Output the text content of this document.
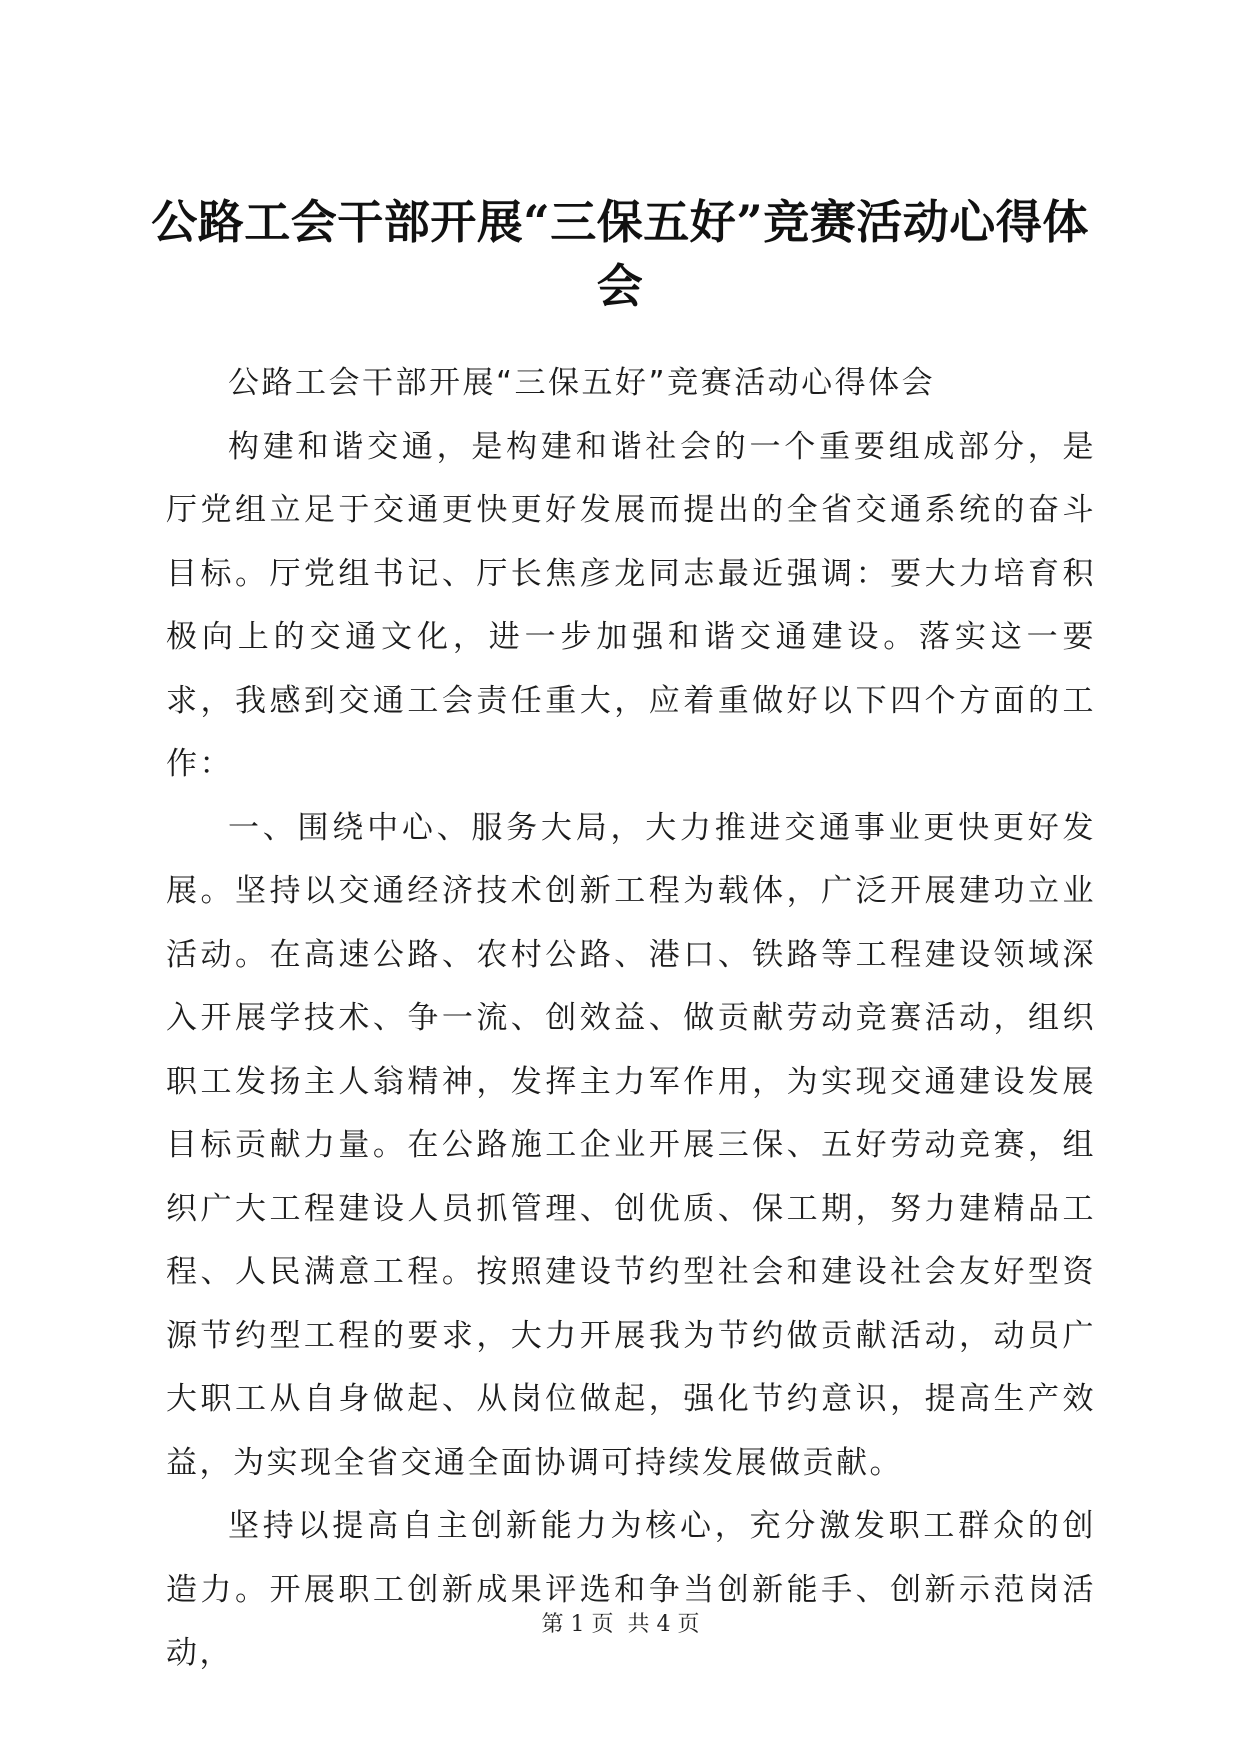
公路工会干部开展“三保五好”竞赛活动心得体会

公路工会干部开展“三保五好”竞赛活动心得体会

构建和谐交通，是构建和谐社会的一个重要组成部分，是厅党组立足于交通更快更好发展而提出的全省交通系统的奋斗目标。厅党组书记、厅长焦彦龙同志最近强调：要大力培育积极向上的交通文化，进一步加强和谐交通建设。落实这一要求，我感到交通工会责任重大，应着重做好以下四个方面的工作：

一、围绕中心、服务大局，大力推进交通事业更快更好发展。坚持以交通经济技术创新工程为载体，广泛开展建功立业活动。在高速公路、农村公路、港口、铁路等工程建设领域深入开展学技术、争一流、创效益、做贡献劳动竞赛活动，组织职工发扬主人翁精神，发挥主力军作用，为实现交通建设发展目标贡献力量。在公路施工企业开展三保、五好劳动竞赛，组织广大工程建设人员抓管理、创优质、保工期，努力建精品工程、人民满意工程。按照建设节约型社会和建设社会友好型资源节约型工程的要求，大力开展我为节约做贡献活动，动员广大职工从自身做起、从岗位做起，强化节约意识，提高生产效益，为实现全省交通全面协调可持续发展做贡献。

坚持以提高自主创新能力为核心，充分激发职工群众的创造力。开展职工创新成果评选和争当创新能手、创新示范岗活动，

第 1 页  共 4 页
